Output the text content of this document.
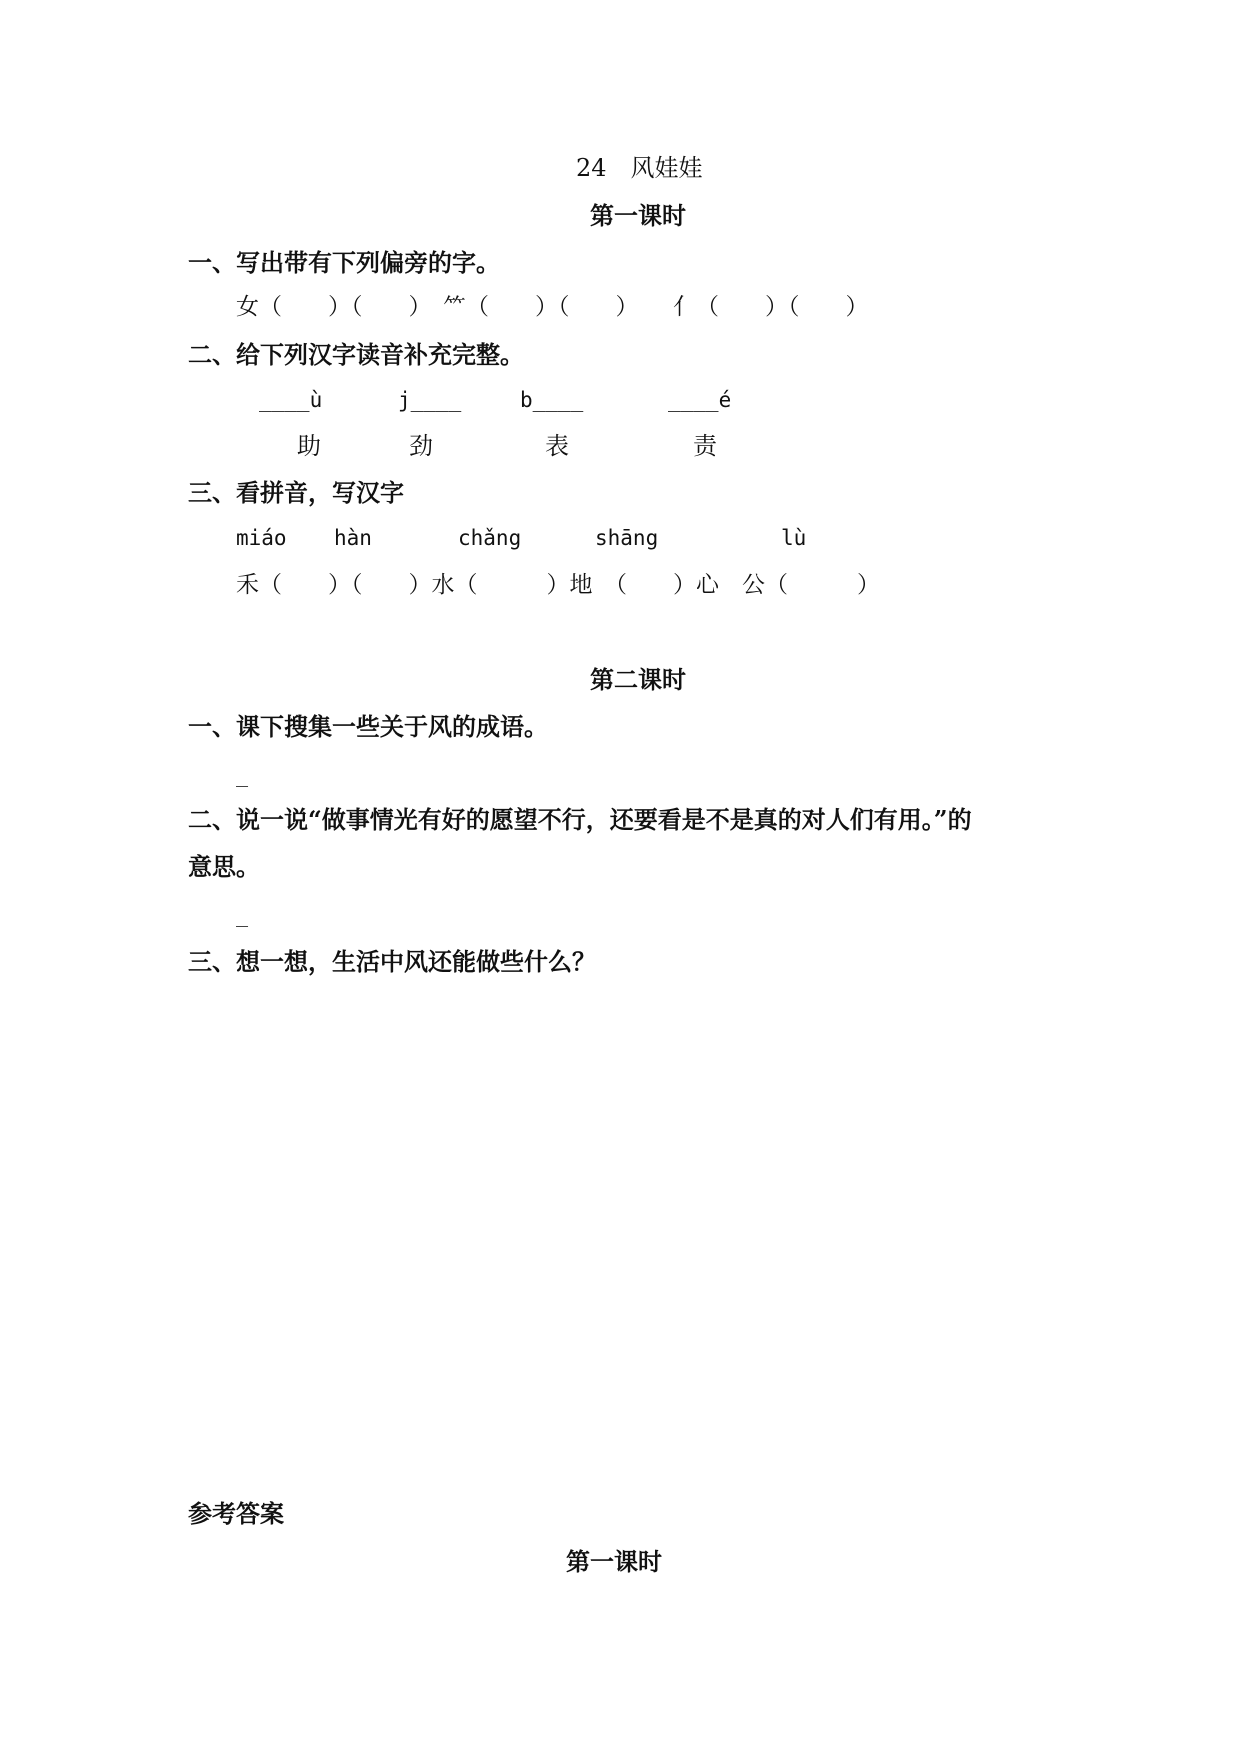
24　风娃娃
第一课时
一、写出带有下列偏旁的字。
女（　　）（　　）　⺮（　　）（　　）　　亻（　　）（　　）
二、给下列汉字读音补充完整。
____ù	j____	b____	____é
助	劲	表	责
三、看拼音，写汉字
miáo hàn	chǎng	shāng	lù
禾（　　）（　　）水（　　　）地　（　　）心　公（　　　）
第二课时
一、课下搜集一些关于风的成语。
_
二、说一说“做事情光有好的愿望不行，还要看是不是真的对人们有用。”的
意思。
_
三、想一想，生活中风还能做些什么？
参考答案
第一课时
